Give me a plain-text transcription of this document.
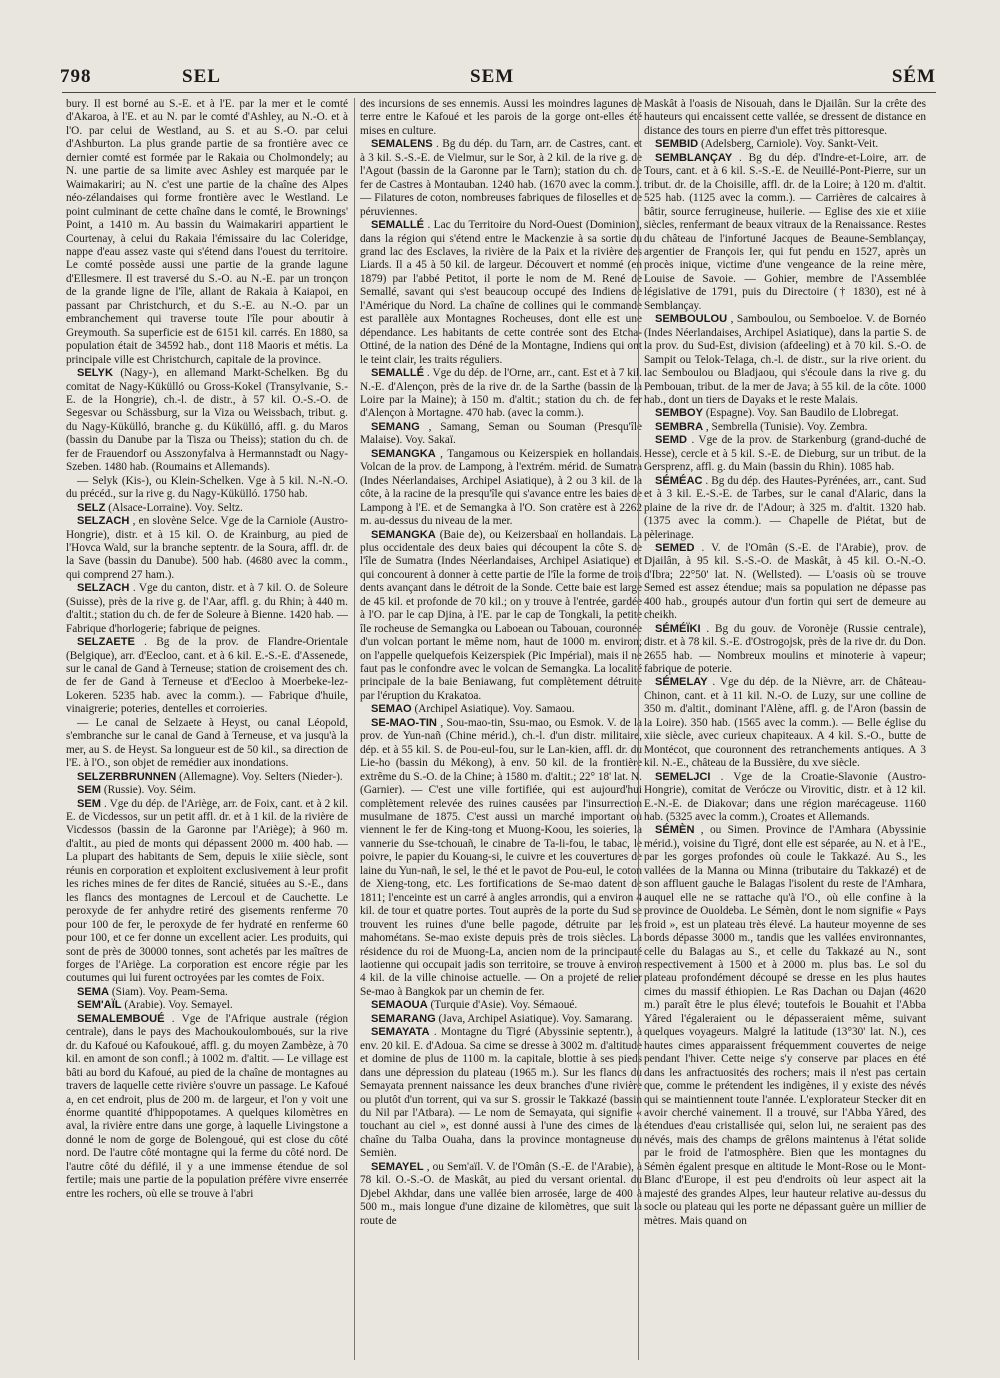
798	SEL	SEM	SÉM

bury. Il est borné au S.-E. et à l'E. par la mer et le comté d'Akaroa, à l'E. et au N. par le comté d'Ashley, au N.-O. et à l'O. par celui de Westland, au S. et au S.-O. par celui d'Ashburton. La plus grande partie de sa frontière avec ce dernier comté est formée par le Rakaia ou Cholmondely; au N. une partie de sa limite avec Ashley est marquée par le Waimakariri; au N. c'est une partie de la chaîne des Alpes néo-zélandaises qui forme frontière avec le Westland. Le point culminant de cette chaîne dans le comté, le Brownings' Point, a 1410 m. Au bassin du Waimakariri appartient le Courtenay, à celui du Rakaia l'émissaire du lac Coleridge, nappe d'eau assez vaste qui s'étend dans l'ouest du territoire. Le comté possède aussi une partie de la grande lagune d'Ellesmere. Il est traversé du S.-O. au N.-E. par un tronçon de la grande ligne de l'île, allant de Rakaia à Kaiapoi, en passant par Christchurch, et du S.-E. au N.-O. par un embranchement qui traverse toute l'île pour aboutir à Greymouth. Sa superficie est de 6151 kil. carrés. En 1880, sa population était de 34592 hab., dont 118 Maoris et métis. La principale ville est Christchurch, capitale de la province.

SELYK (Nagy-), en allemand Markt-Schelken. Bg du comitat de Nagy-Kükülló ou Gross-Kokel (Transylvanie, S.-E. de la Hongrie), ch.-l. de distr., à 57 kil. O.-S.-O. de Segesvar ou Schässburg, sur la Viza ou Weissbach, tribut. g. du Nagy-Kükülló, branche g. du Kükülló, affl. g. du Maros (bassin du Danube par la Tisza ou Theiss); station du ch. de fer de Frauendorf ou Asszonyfalva à Hermannstadt ou Nagy-Szeben. 1480 hab. (Roumains et Allemands).

— Selyk (Kis-), ou Klein-Schelken. Vge à 5 kil. N.-N.-O. du précéd., sur la rive g. du Nagy-Kükülló. 1750 hab.

SELZ (Alsace-Lorraine). Voy. Seltz.

SELZACH , en slovène Selce. Vge de la Carniole (Austro-Hongrie), distr. et à 15 kil. O. de Krainburg, au pied de l'Hovca Wald, sur la branche septentr. de la Soura, affl. dr. de la Save (bassin du Danube). 500 hab. (4680 avec la comm., qui comprend 27 ham.).

SELZACH . Vge du canton, distr. et à 7 kil. O. de Soleure (Suisse), près de la rive g. de l'Aar, affl. g. du Rhin; à 440 m. d'altit.; station du ch. de fer de Soleure à Bienne. 1420 hab. — Fabrique d'horlogerie; fabrique de peignes.

SELZAETE . Bg de la prov. de Flandre-Orientale (Belgique), arr. d'Eecloo, cant. et à 6 kil. E.-S.-E. d'Assenede, sur le canal de Gand à Terneuse; station de croisement des ch. de fer de Gand à Terneuse et d'Eecloo à Moerbeke-lez-Lokeren. 5235 hab. avec la comm.). — Fabrique d'huile, vinaigrerie; poteries, dentelles et corroieries.

— Le canal de Selzaete à Heyst, ou canal Léopold, s'embranche sur le canal de Gand à Terneuse, et va jusqu'à la mer, au S. de Heyst. Sa longueur est de 50 kil., sa direction de l'E. à l'O., son objet de remédier aux inondations.

SELZERBRUNNEN (Allemagne). Voy. Selters (Nieder-).

SEM (Russie). Voy. Séim.

SEM . Vge du dép. de l'Ariège, arr. de Foix, cant. et à 2 kil. E. de Vicdessos, sur un petit affl. dr. et à 1 kil. de la rivière de Vicdessos (bassin de la Garonne par l'Ariège); à 960 m. d'altit., au pied de monts qui dépassent 2000 m. 400 hab. — La plupart des habitants de Sem, depuis le xiiie siècle, sont réunis en corporation et exploitent exclusivement à leur profit les riches mines de fer dites de Rancié, situées au S.-E., dans les flancs des montagnes de Lercoul et de Cauchette. Le peroxyde de fer anhydre retiré des gisements renferme 70 pour 100 de fer, le peroxyde de fer hydraté en renferme 60 pour 100, et ce fer donne un excellent acier. Les produits, qui sont de près de 30000 tonnes, sont achetés par les maîtres de forges de l'Ariège. La corporation est encore régie par les coutumes qui lui furent octroyées par les comtes de Foix.

SEMA (Siam). Voy. Peam-Sema.

SEM'AÏL (Arabie). Voy. Semayel.

SEMALEMBOUÉ . Vge de l'Afrique australe (région centrale), dans le pays des Machoukoulomboués, sur la rive dr. du Kafoué ou Kafoukoué, affl. g. du moyen Zambèze, à 70 kil. en amont de son confl.; à 1002 m. d'altit. — Le village est bâti au bord du Kafoué, au pied de la chaîne de montagnes au travers de laquelle cette rivière s'ouvre un passage. Le Kafoué a, en cet endroit, plus de 200 m. de largeur, et l'on y voit une énorme quantité d'hippopotames. A quelques kilomètres en aval, la rivière entre dans une gorge, à laquelle Livingstone a donné le nom de gorge de Bolengoué, qui est close du côté nord. De l'autre côté montagne qui la ferme du côté nord. De l'autre côté du défilé, il y a une immense étendue de sol fertile; mais une partie de la population préfère vivre enserrée entre les rochers, où elle se trouve à l'abri

des incursions de ses ennemis. Aussi les moindres lagunes de terre entre le Kafoué et les parois de la gorge ont-elles été mises en culture.

SEMALENS . Bg du dép. du Tarn, arr. de Castres, cant. et à 3 kil. S.-S.-E. de Vielmur, sur le Sor, à 2 kil. de la rive g. de l'Agout (bassin de la Garonne par le Tarn); station du ch. de fer de Castres à Montauban. 1240 hab. (1670 avec la comm.). — Filatures de coton, nombreuses fabriques de filoselles et de péruviennes.

SEMALLÉ . Lac du Territoire du Nord-Ouest (Dominion), dans la région qui s'étend entre le Mackenzie à sa sortie du grand lac des Esclaves, la rivière de la Paix et la rivière des Liards. Il a 45 à 50 kil. de largeur. Découvert et nommé (en 1879) par l'abbé Petitot, il porte le nom de M. René de Semallé, savant qui s'est beaucoup occupé des Indiens de l'Amérique du Nord. La chaîne de collines qui le commande est parallèle aux Montagnes Rocheuses, dont elle est une dépendance. Les habitants de cette contrée sont des Etcha-Ottiné, de la nation des Déné de la Montagne, Indiens qui ont le teint clair, les traits réguliers.

SEMALLÉ . Vge du dép. de l'Orne, arr., cant. Est et à 7 kil. N.-E. d'Alençon, près de la rive dr. de la Sarthe (bassin de la Loire par la Maine); à 150 m. d'altit.; station du ch. de fer d'Alençon à Mortagne. 470 hab. (avec la comm.).

SEMANG , Samang, Seman ou Souman (Presqu'île Malaise). Voy. Sakaï.

SEMANGKA , Tangamous ou Keizerspiek en hollandais. Volcan de la prov. de Lampong, à l'extrém. mérid. de Sumatra (Indes Néerlandaises, Archipel Asiatique), à 2 ou 3 kil. de la côte, à la racine de la presqu'île qui s'avance entre les baies de Lampong à l'E. et de Semangka à l'O. Son cratère est à 2262 m. au-dessus du niveau de la mer.

SEMANGKA (Baie de), ou Keizersbaaï en hollandais. La plus occidentale des deux baies qui découpent la côte S. de l'île de Sumatra (Indes Néerlandaises, Archipel Asiatique) et qui concourent à donner à cette partie de l'île la forme de trois dents avançant dans le détroit de la Sonde. Cette baie est large de 45 kil. et profonde de 70 kil.; on y trouve à l'entrée, gardée à l'O. par le cap Djina, à l'E. par le cap de Tongkali, la petite île rocheuse de Semangka ou Laboean ou Tabouan, couronnée d'un volcan portant le même nom, haut de 1000 m. environ; on l'appelle quelquefois Keizerspiek (Pic Impérial), mais il ne faut pas le confondre avec le volcan de Semangka. La localité principale de la baie Beniawang, fut complètement détruite par l'éruption du Krakatoa.

SEMAO (Archipel Asiatique). Voy. Samaou.

SE-MAO-TIN , Sou-mao-tin, Ssu-mao, ou Esmok. V. de la prov. de Yun-nañ (Chine mérid.), ch.-l. d'un distr. militaire, dép. et à 55 kil. S. de Pou-eul-fou, sur le Lan-kien, affl. dr. du Lie-ho (bassin du Mékong), à env. 50 kil. de la frontière extrême du S.-O. de la Chine; à 1580 m. d'altit.; 22° 18' lat. N. (Garnier). — C'est une ville fortifiée, qui est aujourd'hui complètement relevée des ruines causées par l'insurrection musulmane de 1875. C'est aussi un marché important où viennent le fer de King-tong et Muong-Koou, les soieries, la vannerie du Sse-tchouañ, le cinabre de Ta-li-fou, le tabac, le poivre, le papier du Kouang-si, le cuivre et les couvertures de laine du Yun-nañ, le sel, le thé et le pavot de Pou-eul, le coton de Xieng-tong, etc. Les fortifications de Se-mao datent de 1811; l'enceinte est un carré à angles arrondis, qui a environ 4 kil. de tour et quatre portes. Tout auprès de la porte du Sud se trouvent les ruines d'une belle pagode, détruite par les mahométans. Se-mao existe depuis près de trois siècles. La résidence du roi de Muong-La, ancien nom de la principauté laotienne qui occupait jadis son territoire, se trouve à environ 4 kil. de la ville chinoise actuelle. — On a projeté de relier Se-mao à Bangkok par un chemin de fer.

SEMAOUA (Turquie d'Asie). Voy. Sémaoué.

SEMARANG (Java, Archipel Asiatique). Voy. Samarang.

SEMAYATA . Montagne du Tigré (Abyssinie septentr.), à env. 20 kil. E. d'Adoua. Sa cime se dresse à 3002 m. d'altitude et domine de plus de 1100 m. la capitale, blottie à ses pieds dans une dépression du plateau (1965 m.). Sur les flancs du Semayata prennent naissance les deux branches d'une rivière ou plutôt d'un torrent, qui va sur S. grossir le Takkazé (bassin du Nil par l'Atbara). — Le nom de Semayata, qui signifie « touchant au ciel », est donné aussi à l'une des cimes de la chaîne du Talba Ouaha, dans la province montagneuse du Semièn.

SEMAYEL , ou Sem'aïl. V. de l'Omân (S.-E. de l'Arabie), à 78 kil. O.-S.-O. de Maskât, au pied du versant oriental. du Djebel Akhdar, dans une vallée bien arrosée, large de 400 à 500 m., mais longue d'une dizaine de kilomètres, que suit la route de

Maskât à l'oasis de Nisouah, dans le Djailân. Sur la crête des hauteurs qui encaissent cette vallée, se dressent de distance en distance des tours en pierre d'un effet très pittoresque.

SEMBID (Adelsberg, Carniole). Voy. Sankt-Veit.

SEMBLANÇAY . Bg du dép. d'Indre-et-Loire, arr. de Tours, cant. et à 6 kil. S.-S.-E. de Neuillé-Pont-Pierre, sur un tribut. dr. de la Choisille, affl. dr. de la Loire; à 120 m. d'altit. 525 hab. (1125 avec la comm.). — Carrières de calcaires à bâtir, source ferrugineuse, huilerie. — Eglise des xie et xiiie siècles, renfermant de beaux vitraux de la Renaissance. Restes du château de l'infortuné Jacques de Beaune-Semblançay, argentier de François Ier, qui fut pendu en 1527, après un procès inique, victime d'une vengeance de la reine mère, Louise de Savoie. — Gohier, membre de l'Assemblée législative de 1791, puis du Directoire († 1830), est né à Semblançay.

SEMBOULOU , Samboulou, ou Semboeloe. V. de Bornéo (Indes Néerlandaises, Archipel Asiatique), dans la partie S. de la prov. du Sud-Est, division (afdeeling) et à 70 kil. S.-O. de Sampit ou Telok-Telaga, ch.-l. de distr., sur la rive orient. du lac Semboulou ou Bladjaou, qui s'écoule dans la rive g. du Pembouan, tribut. de la mer de Java; à 55 kil. de la côte. 1000 hab., dont un tiers de Dayaks et le reste Malais.

SEMBOY (Espagne). Voy. San Baudilo de Llobregat.

SEMBRA , Sembrella (Tunisie). Voy. Zembra.

SEMD . Vge de la prov. de Starkenburg (grand-duché de Hesse), cercle et à 5 kil. S.-E. de Dieburg, sur un tribut. de la Gersprenz, affl. g. du Main (bassin du Rhin). 1085 hab.

SÉMÉAC . Bg du dép. des Hautes-Pyrénées, arr., cant. Sud et à 3 kil. E.-S.-E. de Tarbes, sur le canal d'Alaric, dans la plaine de la rive dr. de l'Adour; à 325 m. d'altit. 1320 hab. (1375 avec la comm.). — Chapelle de Piétat, but de pèlerinage.

SEMED . V. de l'Omân (S.-E. de l'Arabie), prov. de Djailân, à 95 kil. S.-S.-O. de Maskât, à 45 kil. O.-N.-O. d'Ibra; 22°50' lat. N. (Wellsted). — L'oasis où se trouve Semed est assez étendue; mais sa population ne dépasse pas 400 hab., groupés autour d'un fortin qui sert de demeure au cheikh.

SÉMÉÏKI . Bg du gouv. de Voronèje (Russie centrale), distr. et à 78 kil. S.-E. d'Ostrogojsk, près de la rive dr. du Don. 2655 hab. — Nombreux moulins et minoterie à vapeur; fabrique de poterie.

SÉMELAY . Vge du dép. de la Nièvre, arr. de Château-Chinon, cant. et à 11 kil. N.-O. de Luzy, sur une colline de 350 m. d'altit., dominant l'Alène, affl. g. de l'Aron (bassin de la Loire). 350 hab. (1565 avec la comm.). — Belle église du xiie siècle, avec curieux chapiteaux. A 4 kil. S.-O., butte de Montécot, que couronnent des retranchements antiques. A 3 kil. N.-E., château de la Bussière, du xve siècle.

SEMELJCI . Vge de la Croatie-Slavonie (Austro-Hongrie), comitat de Verócze ou Virovitic, distr. et à 12 kil. E.-N.-E. de Diakovar; dans une région marécageuse. 1160 hab. (5325 avec la comm.), Croates et Allemands.

SÉMÈN , ou Simen. Province de l'Amhara (Abyssinie mérid.), voisine du Tigré, dont elle est séparée, au N. et à l'E., par les gorges profondes où coule le Takkazé. Au S., les vallées de la Manna ou Minna (tributaire du Takkazé) et de son affluent gauche le Balagas l'isolent du reste de l'Amhara, auquel elle ne se rattache qu'à l'O., où elle confine à la province de Ouoldeba. Le Sémèn, dont le nom signifie « Pays froid », est un plateau très élevé. La hauteur moyenne de ses bords dépasse 3000 m., tandis que les vallées environnantes, celle du Balagas au S., et celle du Takkazé au N., sont respectivement à 1500 et à 2000 m. plus bas. Le sol du plateau profondément découpé se dresse en les plus hautes cimes du massif éthiopien. Le Ras Dachan ou Dajan (4620 m.) paraît être le plus élevé; toutefois le Bouahit et l'Abba Yâred l'égaleraient ou le dépasseraient même, suivant quelques voyageurs. Malgré la latitude (13°30' lat. N.), ces hautes cimes apparaissent fréquemment couvertes de neige pendant l'hiver. Cette neige s'y conserve par places en été dans les anfractuosités des rochers; mais il n'est pas certain que, comme le prétendent les indigènes, il y existe des névés qui se maintiennent toute l'année. L'explorateur Stecker dit en avoir cherché vainement. Il a trouvé, sur l'Abba Yâred, des étendues d'eau cristallisée qui, selon lui, ne seraient pas des névés, mais des champs de grêlons maintenus à l'état solide par le froid de l'atmosphère. Bien que les montagnes du Sémèn égalent presque en altitude le Mont-Rose ou le Mont-Blanc d'Europe, il est peu d'endroits où leur aspect ait la majesté des grandes Alpes, leur hauteur relative au-dessus du socle ou plateau qui les porte ne dépassant guère un millier de mètres. Mais quand on
